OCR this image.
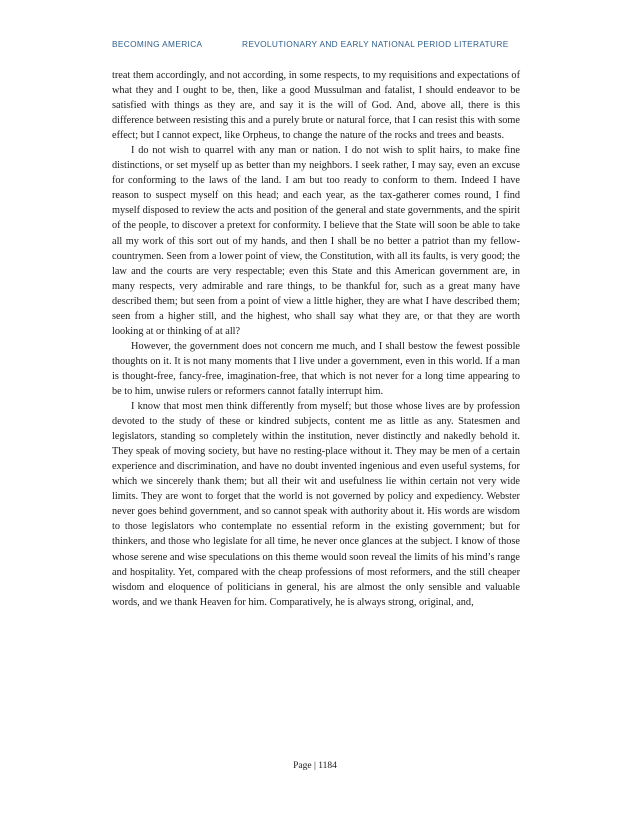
BECOMING AMERICA	REVOLUTIONARY AND EARLY NATIONAL PERIOD LITERATURE

treat them accordingly, and not according, in some respects, to my requisitions and expectations of what they and I ought to be, then, like a good Mussulman and fatalist, I should endeavor to be satisfied with things as they are, and say it is the will of God. And, above all, there is this difference between resisting this and a purely brute or natural force, that I can resist this with some effect; but I cannot expect, like Orpheus, to change the nature of the rocks and trees and beasts.

I do not wish to quarrel with any man or nation. I do not wish to split hairs, to make fine distinctions, or set myself up as better than my neighbors. I seek rather, I may say, even an excuse for conforming to the laws of the land. I am but too ready to conform to them. Indeed I have reason to suspect myself on this head; and each year, as the tax-gatherer comes round, I find myself disposed to review the acts and position of the general and state governments, and the spirit of the people, to discover a pretext for conformity. I believe that the State will soon be able to take all my work of this sort out of my hands, and then I shall be no better a patriot than my fellow-countrymen. Seen from a lower point of view, the Constitution, with all its faults, is very good; the law and the courts are very respectable; even this State and this American government are, in many respects, very admirable and rare things, to be thankful for, such as a great many have described them; but seen from a point of view a little higher, they are what I have described them; seen from a higher still, and the highest, who shall say what they are, or that they are worth looking at or thinking of at all?

However, the government does not concern me much, and I shall bestow the fewest possible thoughts on it. It is not many moments that I live under a government, even in this world. If a man is thought-free, fancy-free, imagination-free, that which is not never for a long time appearing to be to him, unwise rulers or reformers cannot fatally interrupt him.

I know that most men think differently from myself; but those whose lives are by profession devoted to the study of these or kindred subjects, content me as little as any. Statesmen and legislators, standing so completely within the institution, never distinctly and nakedly behold it. They speak of moving society, but have no resting-place without it. They may be men of a certain experience and discrimination, and have no doubt invented ingenious and even useful systems, for which we sincerely thank them; but all their wit and usefulness lie within certain not very wide limits. They are wont to forget that the world is not governed by policy and expediency. Webster never goes behind government, and so cannot speak with authority about it. His words are wisdom to those legislators who contemplate no essential reform in the existing government; but for thinkers, and those who legislate for all time, he never once glances at the subject. I know of those whose serene and wise speculations on this theme would soon reveal the limits of his mind’s range and hospitality. Yet, compared with the cheap professions of most reformers, and the still cheaper wisdom and eloquence of politicians in general, his are almost the only sensible and valuable words, and we thank Heaven for him. Comparatively, he is always strong, original, and,

Page | 1184
